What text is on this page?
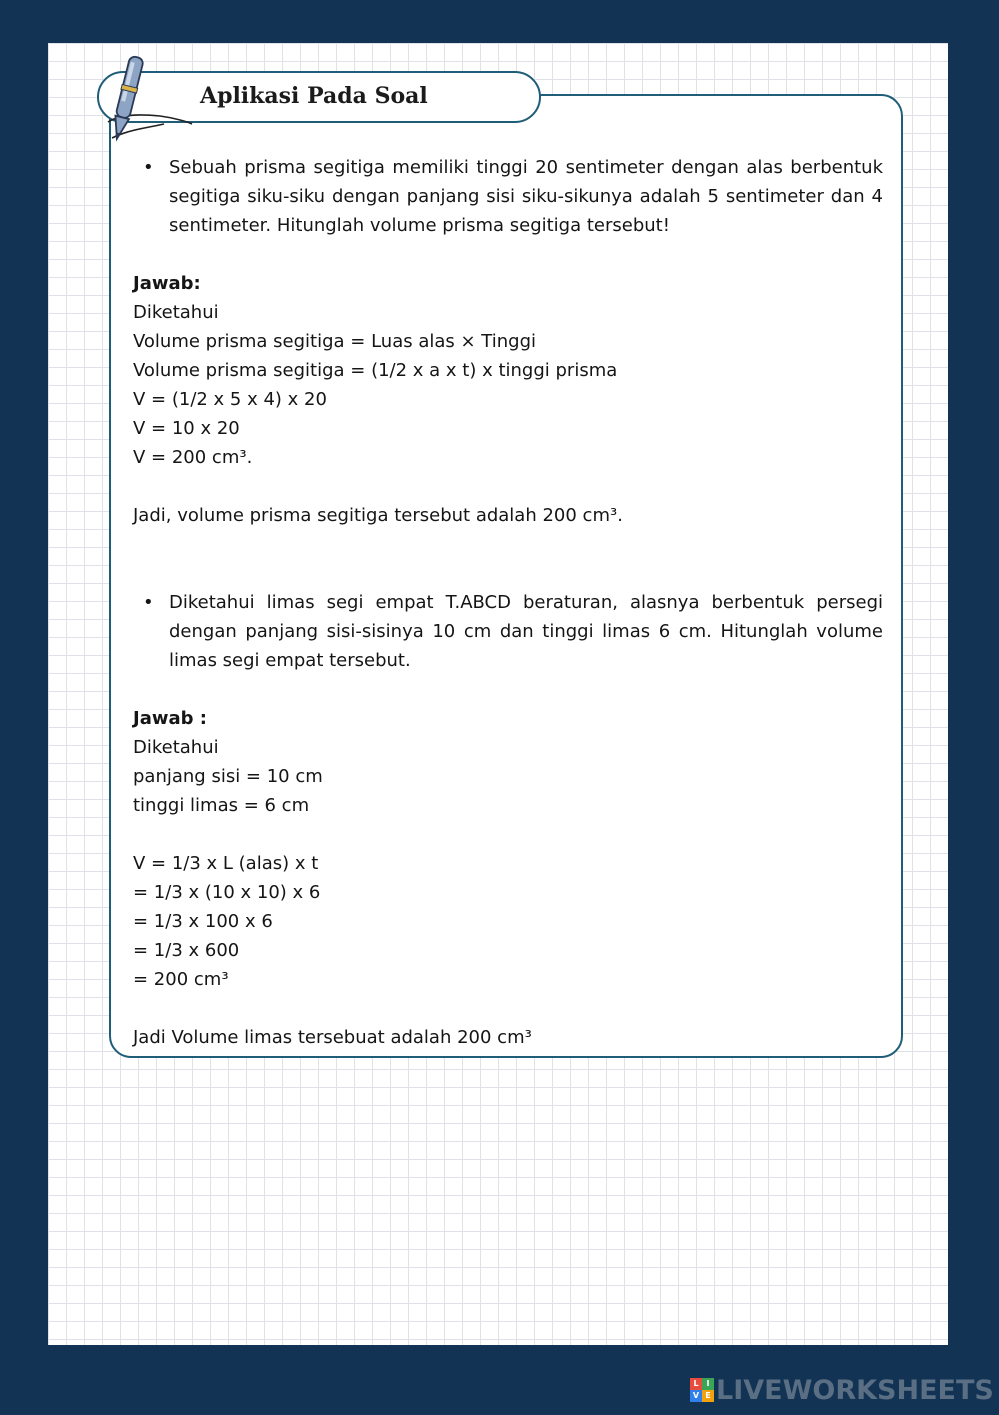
Aplikasi Pada Soal
• Sebuah prisma segitiga memiliki tinggi 20 sentimeter dengan alas berbentuk segitiga siku-siku dengan panjang sisi siku-sikunya adalah 5 sentimeter dan 4 sentimeter. Hitunglah volume prisma segitiga tersebut!
Jawab:
Diketahui
Volume prisma segitiga = Luas alas × Tinggi
Volume prisma segitiga = (1/2 x a x t) x tinggi prisma
V = (1/2 x 5 x 4) x 20
V = 10 x 20
V = 200 cm³.
Jadi, volume prisma segitiga tersebut adalah 200 cm³.
• Diketahui limas segi empat T.ABCD beraturan, alasnya berbentuk persegi dengan panjang sisi-sisinya 10 cm dan tinggi limas 6 cm. Hitunglah volume limas segi empat tersebut.
Jawab :
Diketahui
panjang sisi = 10 cm
tinggi limas = 6 cm
V = 1/3 x L (alas) x t
= 1/3 x (10 x 10) x 6
= 1/3 x 100 x 6
= 1/3 x 600
= 200 cm³
Jadi Volume limas tersebuat adalah 200 cm³
L I
V E LIVEWORKSHEETS
